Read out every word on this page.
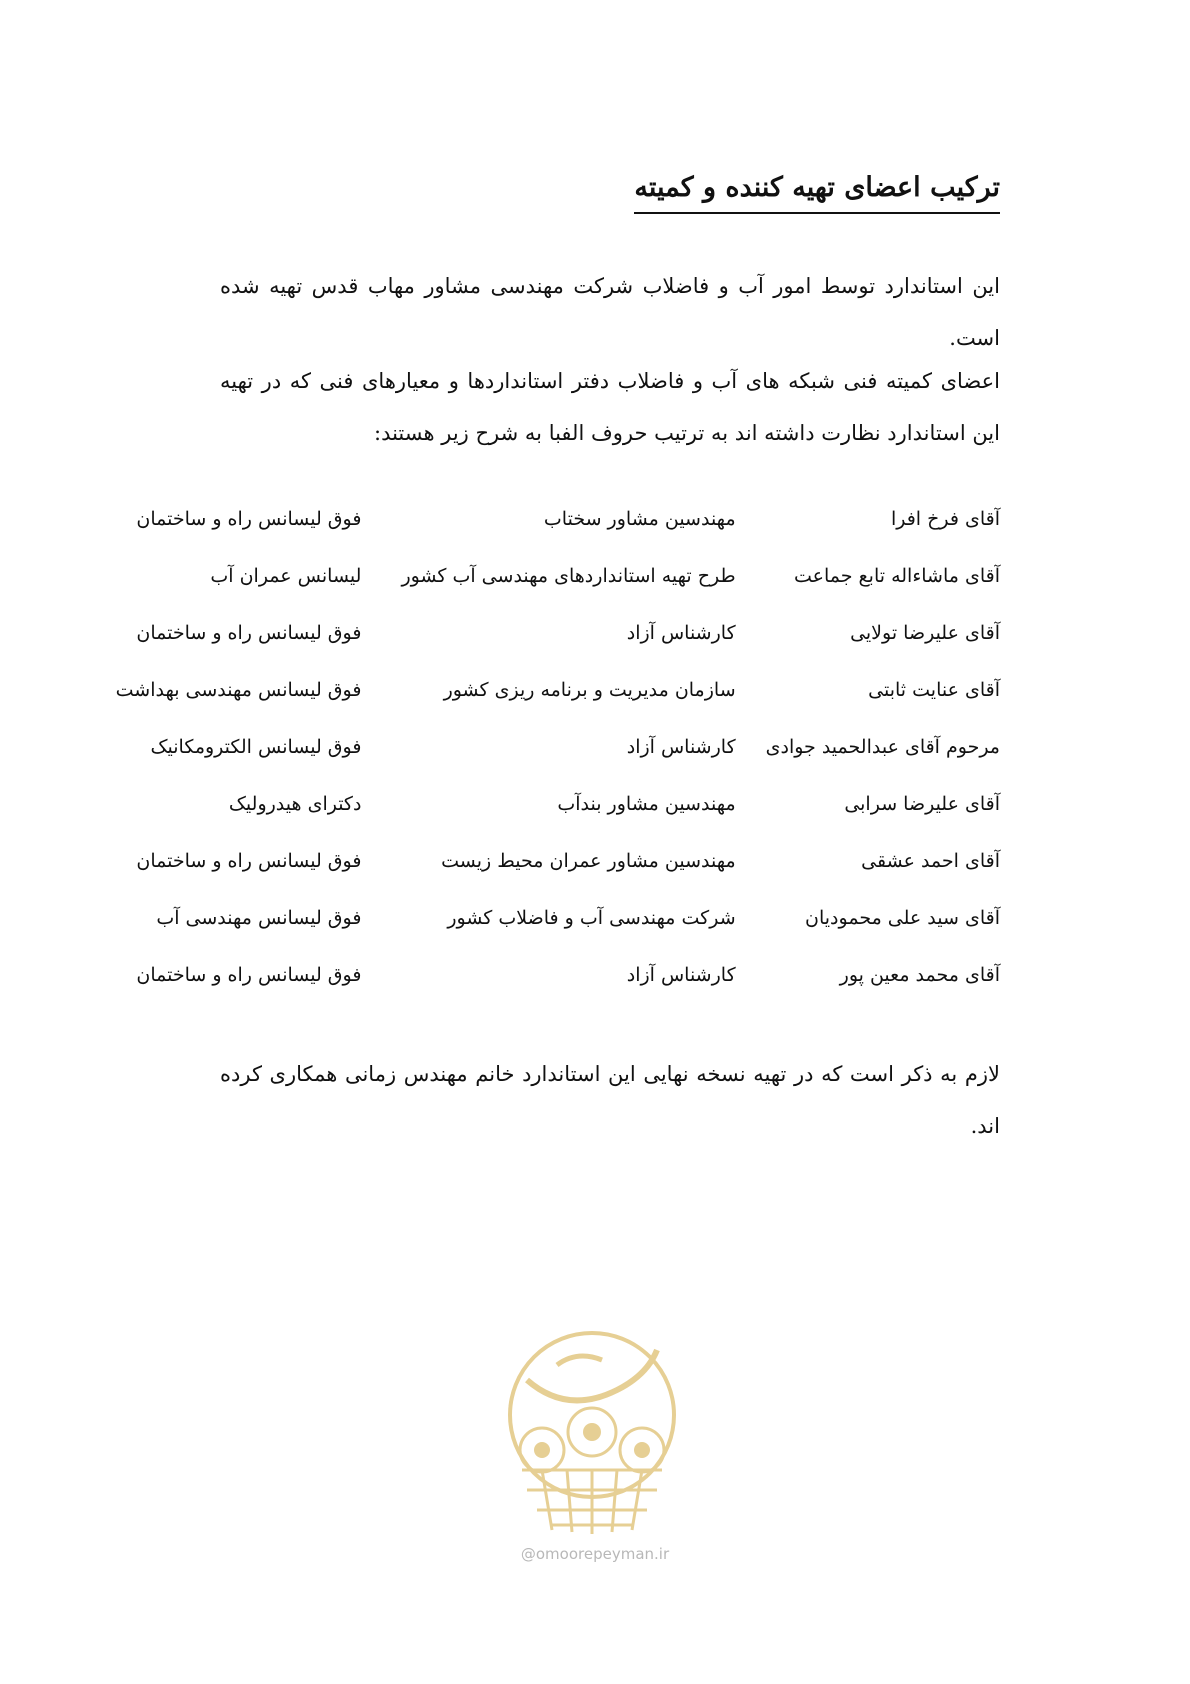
ترکیب اعضای تهیه کننده و کمیته
این استاندارد توسط امور آب و فاضلاب شرکت مهندسی مشاور مهاب قدس تهیه شده است.
اعضای کمیته فنی شبکه های آب و فاضلاب دفتر استانداردها و معیارهای فنی که در تهیه این استاندارد نظارت داشته اند به ترتیب حروف الفبا به شرح زیر هستند:
آقای فرخ افرا	مهندسین مشاور سختاب	فوق لیسانس راه و ساختمان
آقای ماشاءاله تابع جماعت	طرح تهیه استانداردهای مهندسی آب کشور	لیسانس عمران آب
آقای علیرضا تولایی	کارشناس آزاد	فوق لیسانس راه و ساختمان
آقای عنایت ثابتی	سازمان مدیریت و برنامه ریزی کشور	فوق لیسانس مهندسی بهداشت
مرحوم آقای عبدالحمید جوادی	کارشناس آزاد	فوق لیسانس الکترومکانیک
آقای علیرضا سرابی	مهندسین مشاور بندآب	دکترای هیدرولیک
آقای احمد عشقی	مهندسین مشاور عمران محیط زیست	فوق لیسانس راه و ساختمان
آقای سید علی محمودیان	شرکت مهندسی آب و فاضلاب کشور	فوق لیسانس مهندسی آب
آقای محمد معین پور	کارشناس آزاد	فوق لیسانس راه و ساختمان
لازم به ذکر است که در تهیه نسخه نهایی این استاندارد خانم مهندس زمانی همکاری کرده اند.
@omoorepeyman.ir
